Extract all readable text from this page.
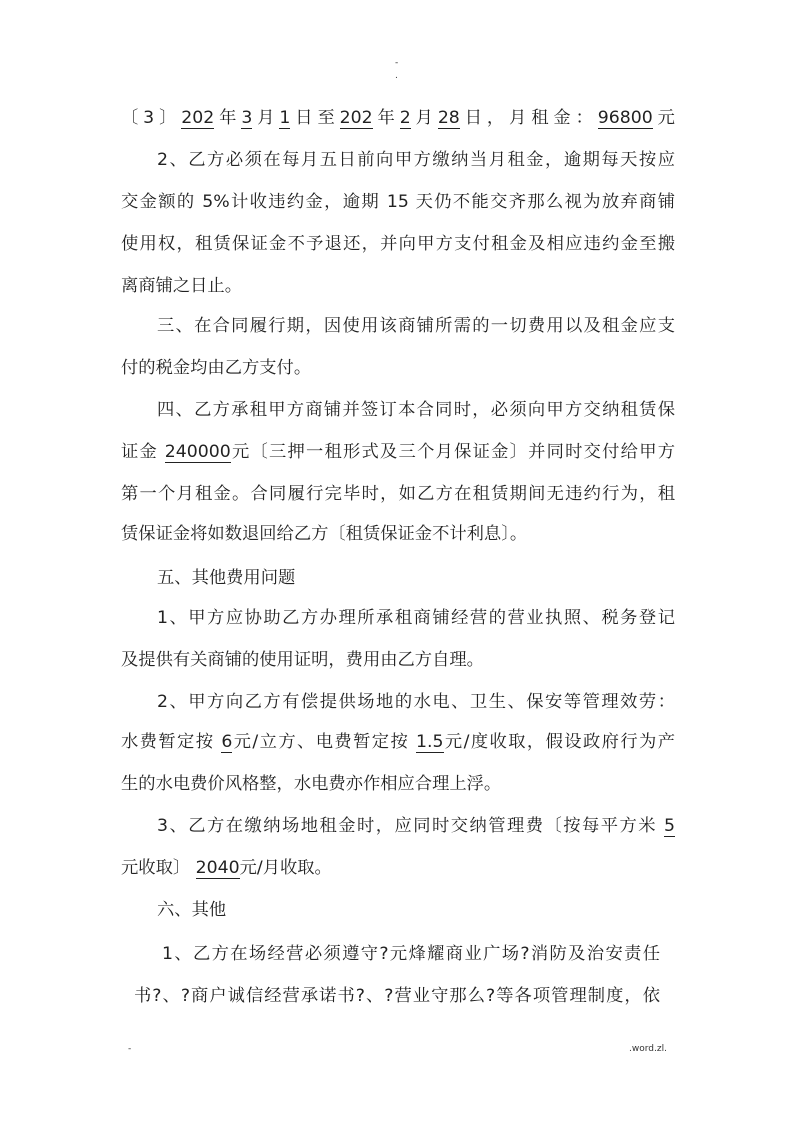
-
.
〔3〕202年3月1日至202年2月28日，月租金：96800元
2、乙方必须在每月五日前向甲方缴纳当月租金，逾期每天按应
交金额的 5%计收违约金，逾期 15 天仍不能交齐那么视为放弃商铺
使用权，租赁保证金不予退还，并向甲方支付租金及相应违约金至搬
离商铺之日止。
三、在合同履行期，因使用该商铺所需的一切费用以及租金应支
付的税金均由乙方支付。
四、乙方承租甲方商铺并签订本合同时，必须向甲方交纳租赁保
证金 240000元〔三押一租形式及三个月保证金〕并同时交付给甲方
第一个月租金。合同履行完毕时，如乙方在租赁期间无违约行为，租
赁保证金将如数退回给乙方〔租赁保证金不计利息〕。
五、其他费用问题
1、甲方应协助乙方办理所承租商铺经营的营业执照、税务登记
及提供有关商铺的使用证明，费用由乙方自理。
2、甲方向乙方有偿提供场地的水电、卫生、保安等管理效劳：
水费暂定按 6元/立方、电费暂定按 1.5元/度收取，假设政府行为产
生的水电费价风格整，水电费亦作相应合理上浮。
3、乙方在缴纳场地租金时，应同时交纳管理费〔按每平方米 5
元收取〕 2040元/月收取。
六、其他
1、乙方在场经营必须遵守?元烽耀商业广场?消防及治安责任
书?、?商户诚信经营承诺书?、?营业守那么?等各项管理制度，依
-	.word.zl.
